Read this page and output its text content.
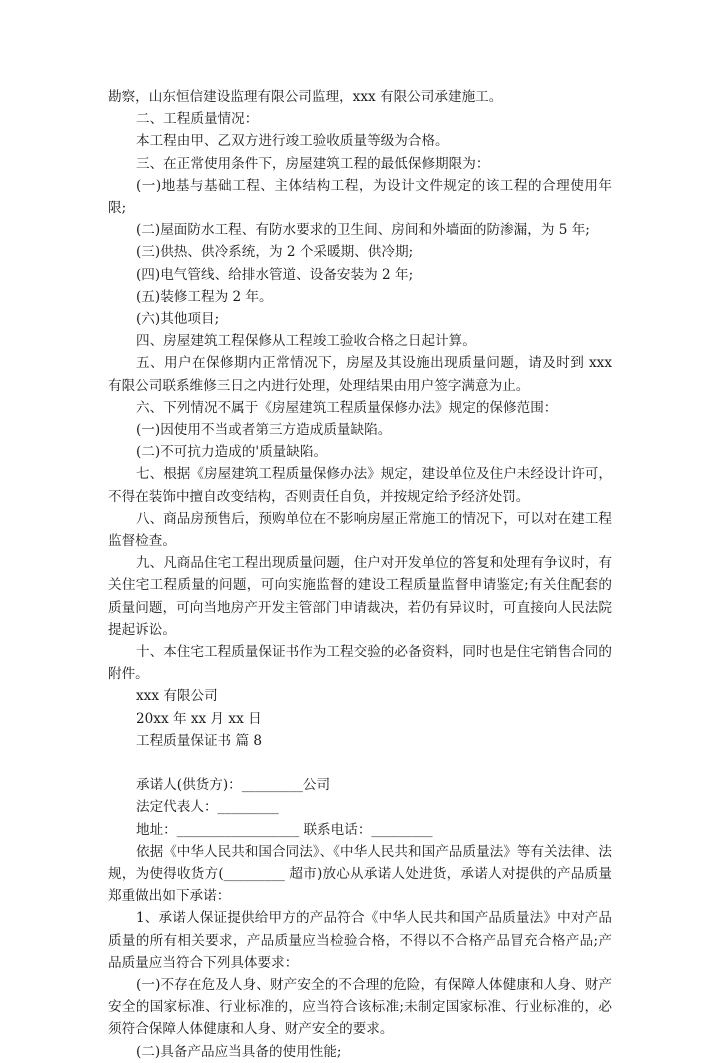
勘察，山东恒信建设监理有限公司监理，xxx 有限公司承建施工。

二、工程质量情况：

本工程由甲、乙双方进行竣工验收质量等级为合格。

三、在正常使用条件下，房屋建筑工程的最低保修期限为：

(一)地基与基础工程、主体结构工程，为设计文件规定的该工程的合理使用年限;

(二)屋面防水工程、有防水要求的卫生间、房间和外墙面的防渗漏，为 5 年;

(三)供热、供冷系统，为 2 个采暖期、供冷期;

(四)电气管线、给排水管道、设备安装为 2 年;

(五)装修工程为 2 年。

(六)其他项目;

四、房屋建筑工程保修从工程竣工验收合格之日起计算。

五、用户在保修期内正常情况下，房屋及其设施出现质量问题，请及时到 xxx 有限公司联系维修三日之内进行处理，处理结果由用户签字满意为止。

六、下列情况不属于《房屋建筑工程质量保修办法》规定的保修范围：

(一)因使用不当或者第三方造成质量缺陷。

(二)不可抗力造成的'质量缺陷。

七、根据《房屋建筑工程质量保修办法》规定，建设单位及住户未经设计许可，不得在装饰中擅自改变结构，否则责任自负，并按规定给予经济处罚。

八、商品房预售后，预购单位在不影响房屋正常施工的情况下，可以对在建工程监督检查。

九、凡商品住宅工程出现质量问题，住户对开发单位的答复和处理有争议时，有关住宅工程质量的问题，可向实施监督的建设工程质量监督申请鉴定;有关住配套的质量问题，可向当地房产开发主管部门申请裁决，若仍有异议时，可直接向人民法院提起诉讼。

十、本住宅工程质量保证书作为工程交验的必备资料，同时也是住宅销售合同的附件。

xxx 有限公司

20xx 年 xx 月 xx 日

工程质量保证书 篇 8

承诺人(供货方)：_________公司

法定代表人：_________

地址：__________________ 联系电话：_________

依据《中华人民共和国合同法》、《中华人民共和国产品质量法》等有关法律、法规，为使得收货方(_________ 超市)放心从承诺人处进货，承诺人对提供的产品质量郑重做出如下承诺：

1、承诺人保证提供给甲方的产品符合《中华人民共和国产品质量法》中对产品质量的所有相关要求，产品质量应当检验合格，不得以不合格产品冒充合格产品;产品质量应当符合下列具体要求：

(一)不存在危及人身、财产安全的不合理的危险，有保障人体健康和人身、财产安全的国家标准、行业标准的，应当符合该标准;未制定国家标准、行业标准的，必须符合保障人体健康和人身、财产安全的要求。

(二)具备产品应当具备的使用性能;
